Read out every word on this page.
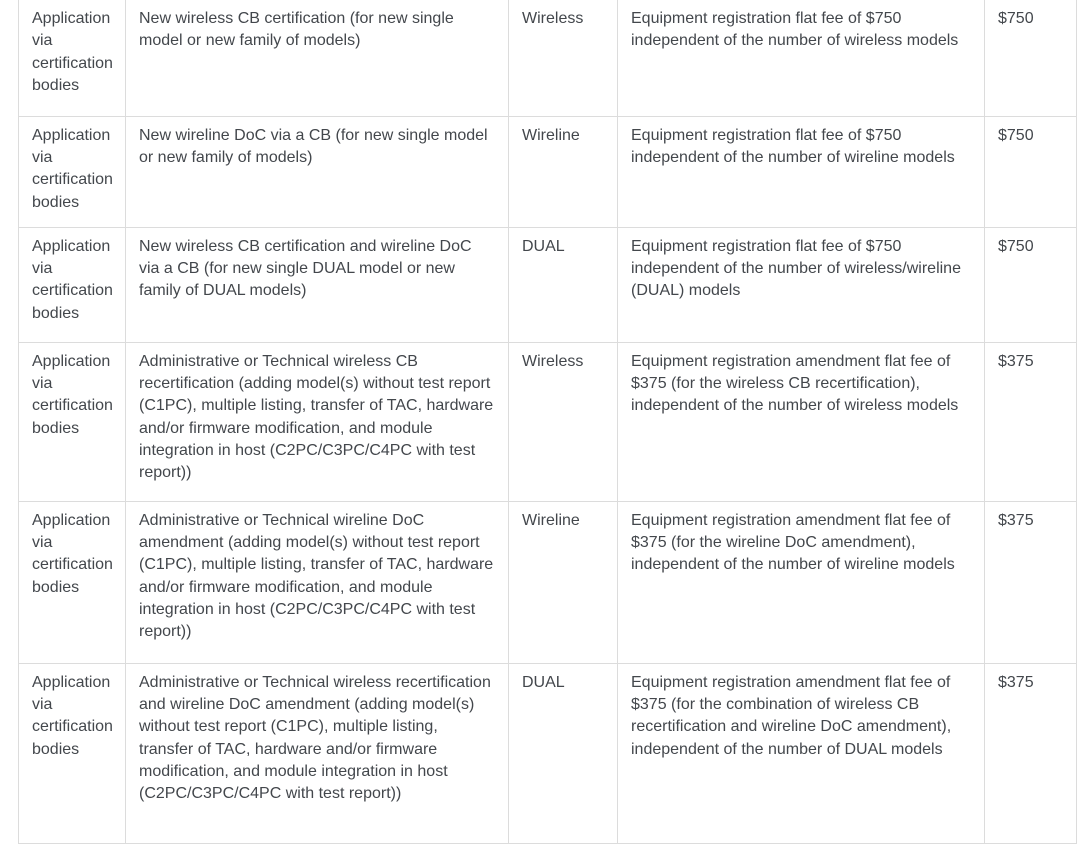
Application via certification bodies	New wireless CB certification (for new single model or new family of models)	Wireless	Equipment registration flat fee of $750 independent of the number of wireless models	$750
Application via certification bodies	New wireline DoC via a CB (for new single model or new family of models)	Wireline	Equipment registration flat fee of $750 independent of the number of wireline models	$750
Application via certification bodies	New wireless CB certification and wireline DoC via a CB (for new single DUAL model or new family of DUAL models)	DUAL	Equipment registration flat fee of $750 independent of the number of wireless/wireline (DUAL) models	$750
Application via certification bodies	Administrative or Technical wireless CB recertification (adding model(s) without test report (C1PC), multiple listing, transfer of TAC, hardware and/or firmware modification, and module integration in host (C2PC/C3PC/C4PC with test report))	Wireless	Equipment registration amendment flat fee of $375 (for the wireless CB recertification), independent of the number of wireless models	$375
Application via certification bodies	Administrative or Technical wireline DoC amendment (adding model(s) without test report (C1PC), multiple listing, transfer of TAC, hardware and/or firmware modification, and module integration in host (C2PC/C3PC/C4PC with test report))	Wireline	Equipment registration amendment flat fee of $375 (for the wireline DoC amendment), independent of the number of wireline models	$375
Application via certification bodies	Administrative or Technical wireless recertification and wireline DoC amendment (adding model(s) without test report (C1PC), multiple listing, transfer of TAC, hardware and/or firmware modification, and module integration in host (C2PC/C3PC/C4PC with test report))	DUAL	Equipment registration amendment flat fee of $375 (for the combination of wireless CB recertification and wireline DoC amendment), independent of the number of DUAL models	$375
